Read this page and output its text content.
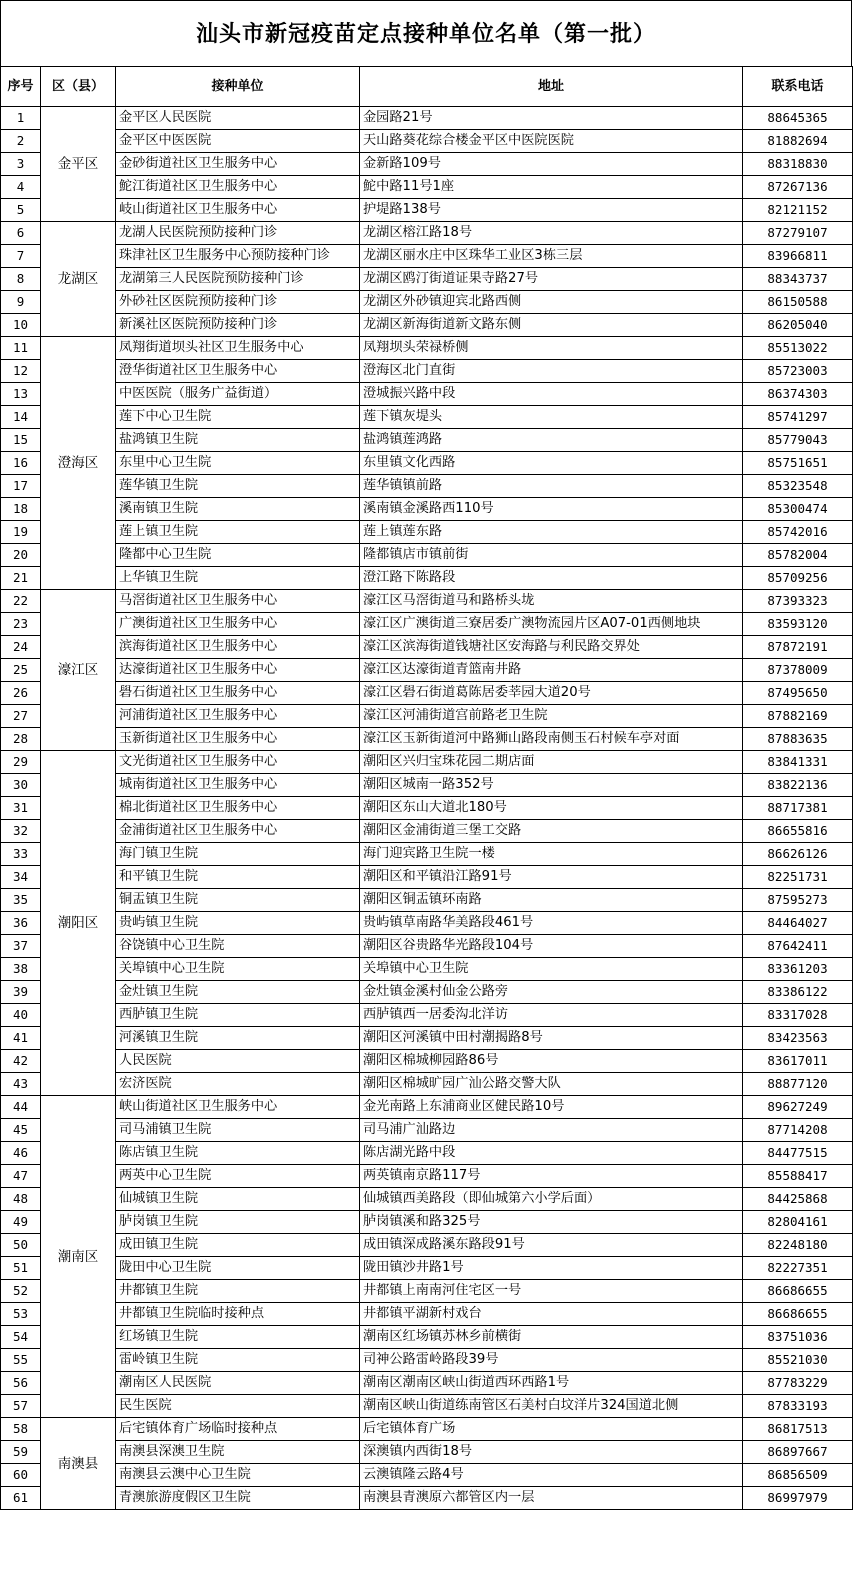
汕头市新冠疫苗定点接种单位名单（第一批）
序号	区（县）	接种单位	地址	联系电话
1	金平区	金平区人民医院	金园路21号	88645365
2		金平区中医医院	天山路葵花综合楼金平区中医院医院	81882694
3		金砂街道社区卫生服务中心	金新路109号	88318830
4		鮀江街道社区卫生服务中心	鮀中路11号1座	87267136
5		岐山街道社区卫生服务中心	护堤路138号	82121152
6	龙湖区	龙湖人民医院预防接种门诊	龙湖区榕江路18号	87279107
7		珠津社区卫生服务中心预防接种门诊	龙湖区丽水庄中区珠华工业区3栋三层	83966811
8		龙湖第三人民医院预防接种门诊	龙湖区鸥汀街道证果寺路27号	88343737
9		外砂社区医院预防接种门诊	龙湖区外砂镇迎宾北路西侧	86150588
10		新溪社区医院预防接种门诊	龙湖区新海街道新文路东侧	86205040
11	澄海区	凤翔街道坝头社区卫生服务中心	凤翔坝头荣禄桥侧	85513022
12		澄华街道社区卫生服务中心	澄海区北门直街	85723003
13		中医医院（服务广益街道）	澄城振兴路中段	86374303
14		莲下中心卫生院	莲下镇灰堤头	85741297
15		盐鸿镇卫生院	盐鸿镇莲鸿路	85779043
16		东里中心卫生院	东里镇文化西路	85751651
17		莲华镇卫生院	莲华镇镇前路	85323548
18		溪南镇卫生院	溪南镇金溪路西110号	85300474
19		莲上镇卫生院	莲上镇莲东路	85742016
20		隆都中心卫生院	隆都镇店市镇前街	85782004
21		上华镇卫生院	澄江路下陈路段	85709256
22	濠江区	马滘街道社区卫生服务中心	濠江区马滘街道马和路桥头垅	87393323
23		广澳街道社区卫生服务中心	濠江区广澳街道三寮居委广澳物流园片区A07-01西侧地块	83593120
24		滨海街道社区卫生服务中心	濠江区滨海街道钱塘社区安海路与利民路交界处	87872191
25		达濠街道社区卫生服务中心	濠江区达濠街道青篮南井路	87378009
26		礐石街道社区卫生服务中心	濠江区礐石街道葛陈居委莘园大道20号	87495650
27		河浦街道社区卫生服务中心	濠江区河浦街道宫前路老卫生院	87882169
28		玉新街道社区卫生服务中心	濠江区玉新街道河中路狮山路段南侧玉石村候车亭对面	87883635
29	潮阳区	文光街道社区卫生服务中心	潮阳区兴归宝珠花园二期店面	83841331
30		城南街道社区卫生服务中心	潮阳区城南一路352号	83822136
31		棉北街道社区卫生服务中心	潮阳区东山大道北180号	88717381
32		金浦街道社区卫生服务中心	潮阳区金浦街道三堡工交路	86655816
33		海门镇卫生院	海门迎宾路卫生院一楼	86626126
34		和平镇卫生院	潮阳区和平镇沿江路91号	82251731
35		铜盂镇卫生院	潮阳区铜盂镇环南路	87595273
36		贵屿镇卫生院	贵屿镇草南路华美路段461号	84464027
37		谷饶镇中心卫生院	潮阳区谷贵路华光路段104号	87642411
38		关埠镇中心卫生院	关埠镇中心卫生院	83361203
39		金灶镇卫生院	金灶镇金溪村仙金公路旁	83386122
40		西胪镇卫生院	西胪镇西一居委沟北洋访	83317028
41		河溪镇卫生院	潮阳区河溪镇中田村潮揭路8号	83423563
42		人民医院	潮阳区棉城柳园路86号	83617011
43		宏济医院	潮阳区棉城旷园广汕公路交警大队	88877120
44	潮南区	峡山街道社区卫生服务中心	金光南路上东浦商业区健民路10号	89627249
45		司马浦镇卫生院	司马浦广汕路边	87714208
46		陈店镇卫生院	陈店湖光路中段	84477515
47		两英中心卫生院	两英镇南京路117号	85588417
48		仙城镇卫生院	仙城镇西美路段（即仙城第六小学后面）	84425868
49		胪岗镇卫生院	胪岗镇溪和路325号	82804161
50		成田镇卫生院	成田镇深成路溪东路段91号	82248180
51		陇田中心卫生院	陇田镇沙井路1号	82227351
52		井都镇卫生院	井都镇上南南河住宅区一号	86686655
53		井都镇卫生院临时接种点	井都镇平湖新村戏台	86686655
54		红场镇卫生院	潮南区红场镇苏林乡前横街	83751036
55		雷岭镇卫生院	司神公路雷岭路段39号	85521030
56		潮南区人民医院	潮南区潮南区峡山街道西环西路1号	87783229
57		民生医院	潮南区峡山街道练南管区石美村白坟洋片324国道北侧	87833193
58	南澳县	后宅镇体育广场临时接种点	后宅镇体育广场	86817513
59		南澳县深澳卫生院	深澳镇内西街18号	86897667
60		南澳县云澳中心卫生院	云澳镇隆云路4号	86856509
61		青澳旅游度假区卫生院	南澳县青澳原六都管区内一层	86997979
